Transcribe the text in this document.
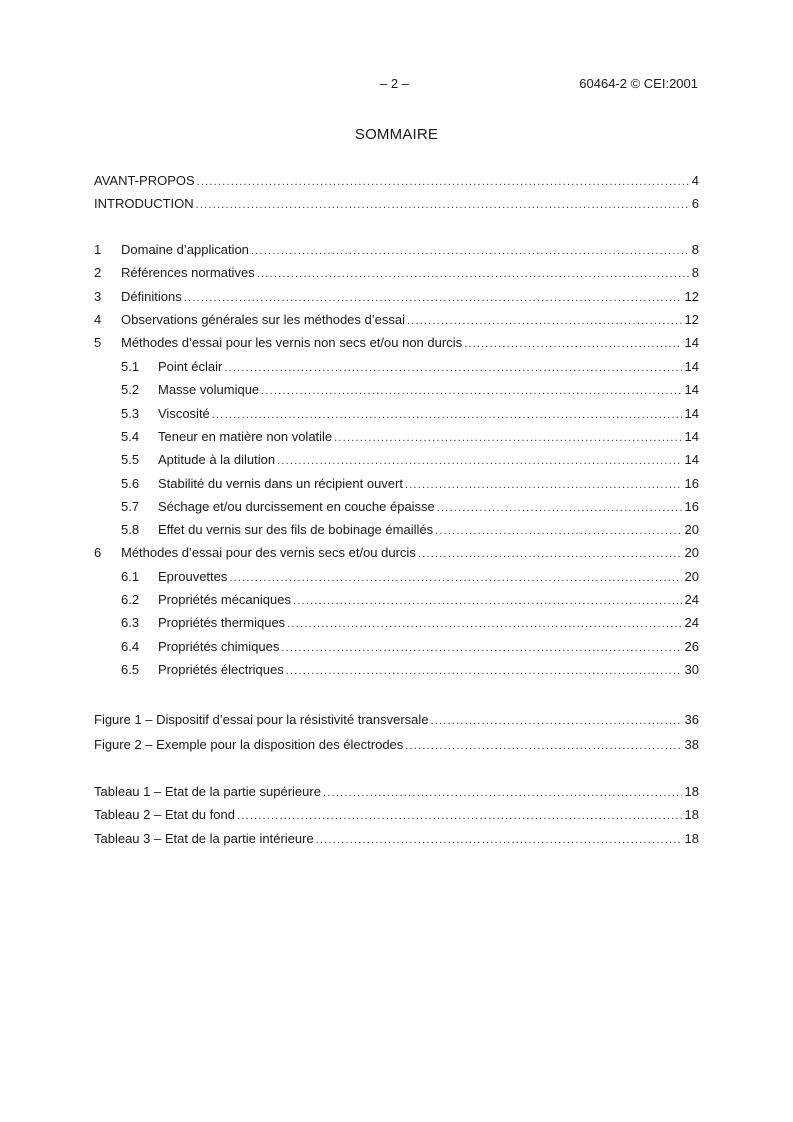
– 2 –	60464-2 © CEI:2001
SOMMAIRE
AVANT-PROPOS .....	4
INTRODUCTION .....	6
1	Domaine d’application .....	8
2	Références normatives .....	8
3	Définitions .....	12
4	Observations générales sur les méthodes d’essai .....	12
5	Méthodes d’essai pour les vernis non secs et/ou non durcis .....	14
5.1	Point éclair .....	14
5.2	Masse volumique .....	14
5.3	Viscosité .....	14
5.4	Teneur en matière non volatile .....	14
5.5	Aptitude à la dilution .....	14
5.6	Stabilité du vernis dans un récipient ouvert .....	16
5.7	Séchage et/ou durcissement en couche épaisse .....	16
5.8	Effet du vernis sur des fils de bobinage émaillés .....	20
6	Méthodes d’essai pour des vernis secs et/ou durcis .....	20
6.1	Eprouvettes .....	20
6.2	Propriétés mécaniques .....	24
6.3	Propriétés thermiques .....	24
6.4	Propriétés chimiques .....	26
6.5	Propriétés électriques .....	30
Figure 1 – Dispositif d’essai pour la résistivité transversale .....	36
Figure 2 – Exemple pour la disposition des électrodes .....	38
Tableau 1 – Etat de la partie supérieure .....	18
Tableau 2 – Etat du fond .....	18
Tableau 3 – Etat de la partie intérieure .....	18
